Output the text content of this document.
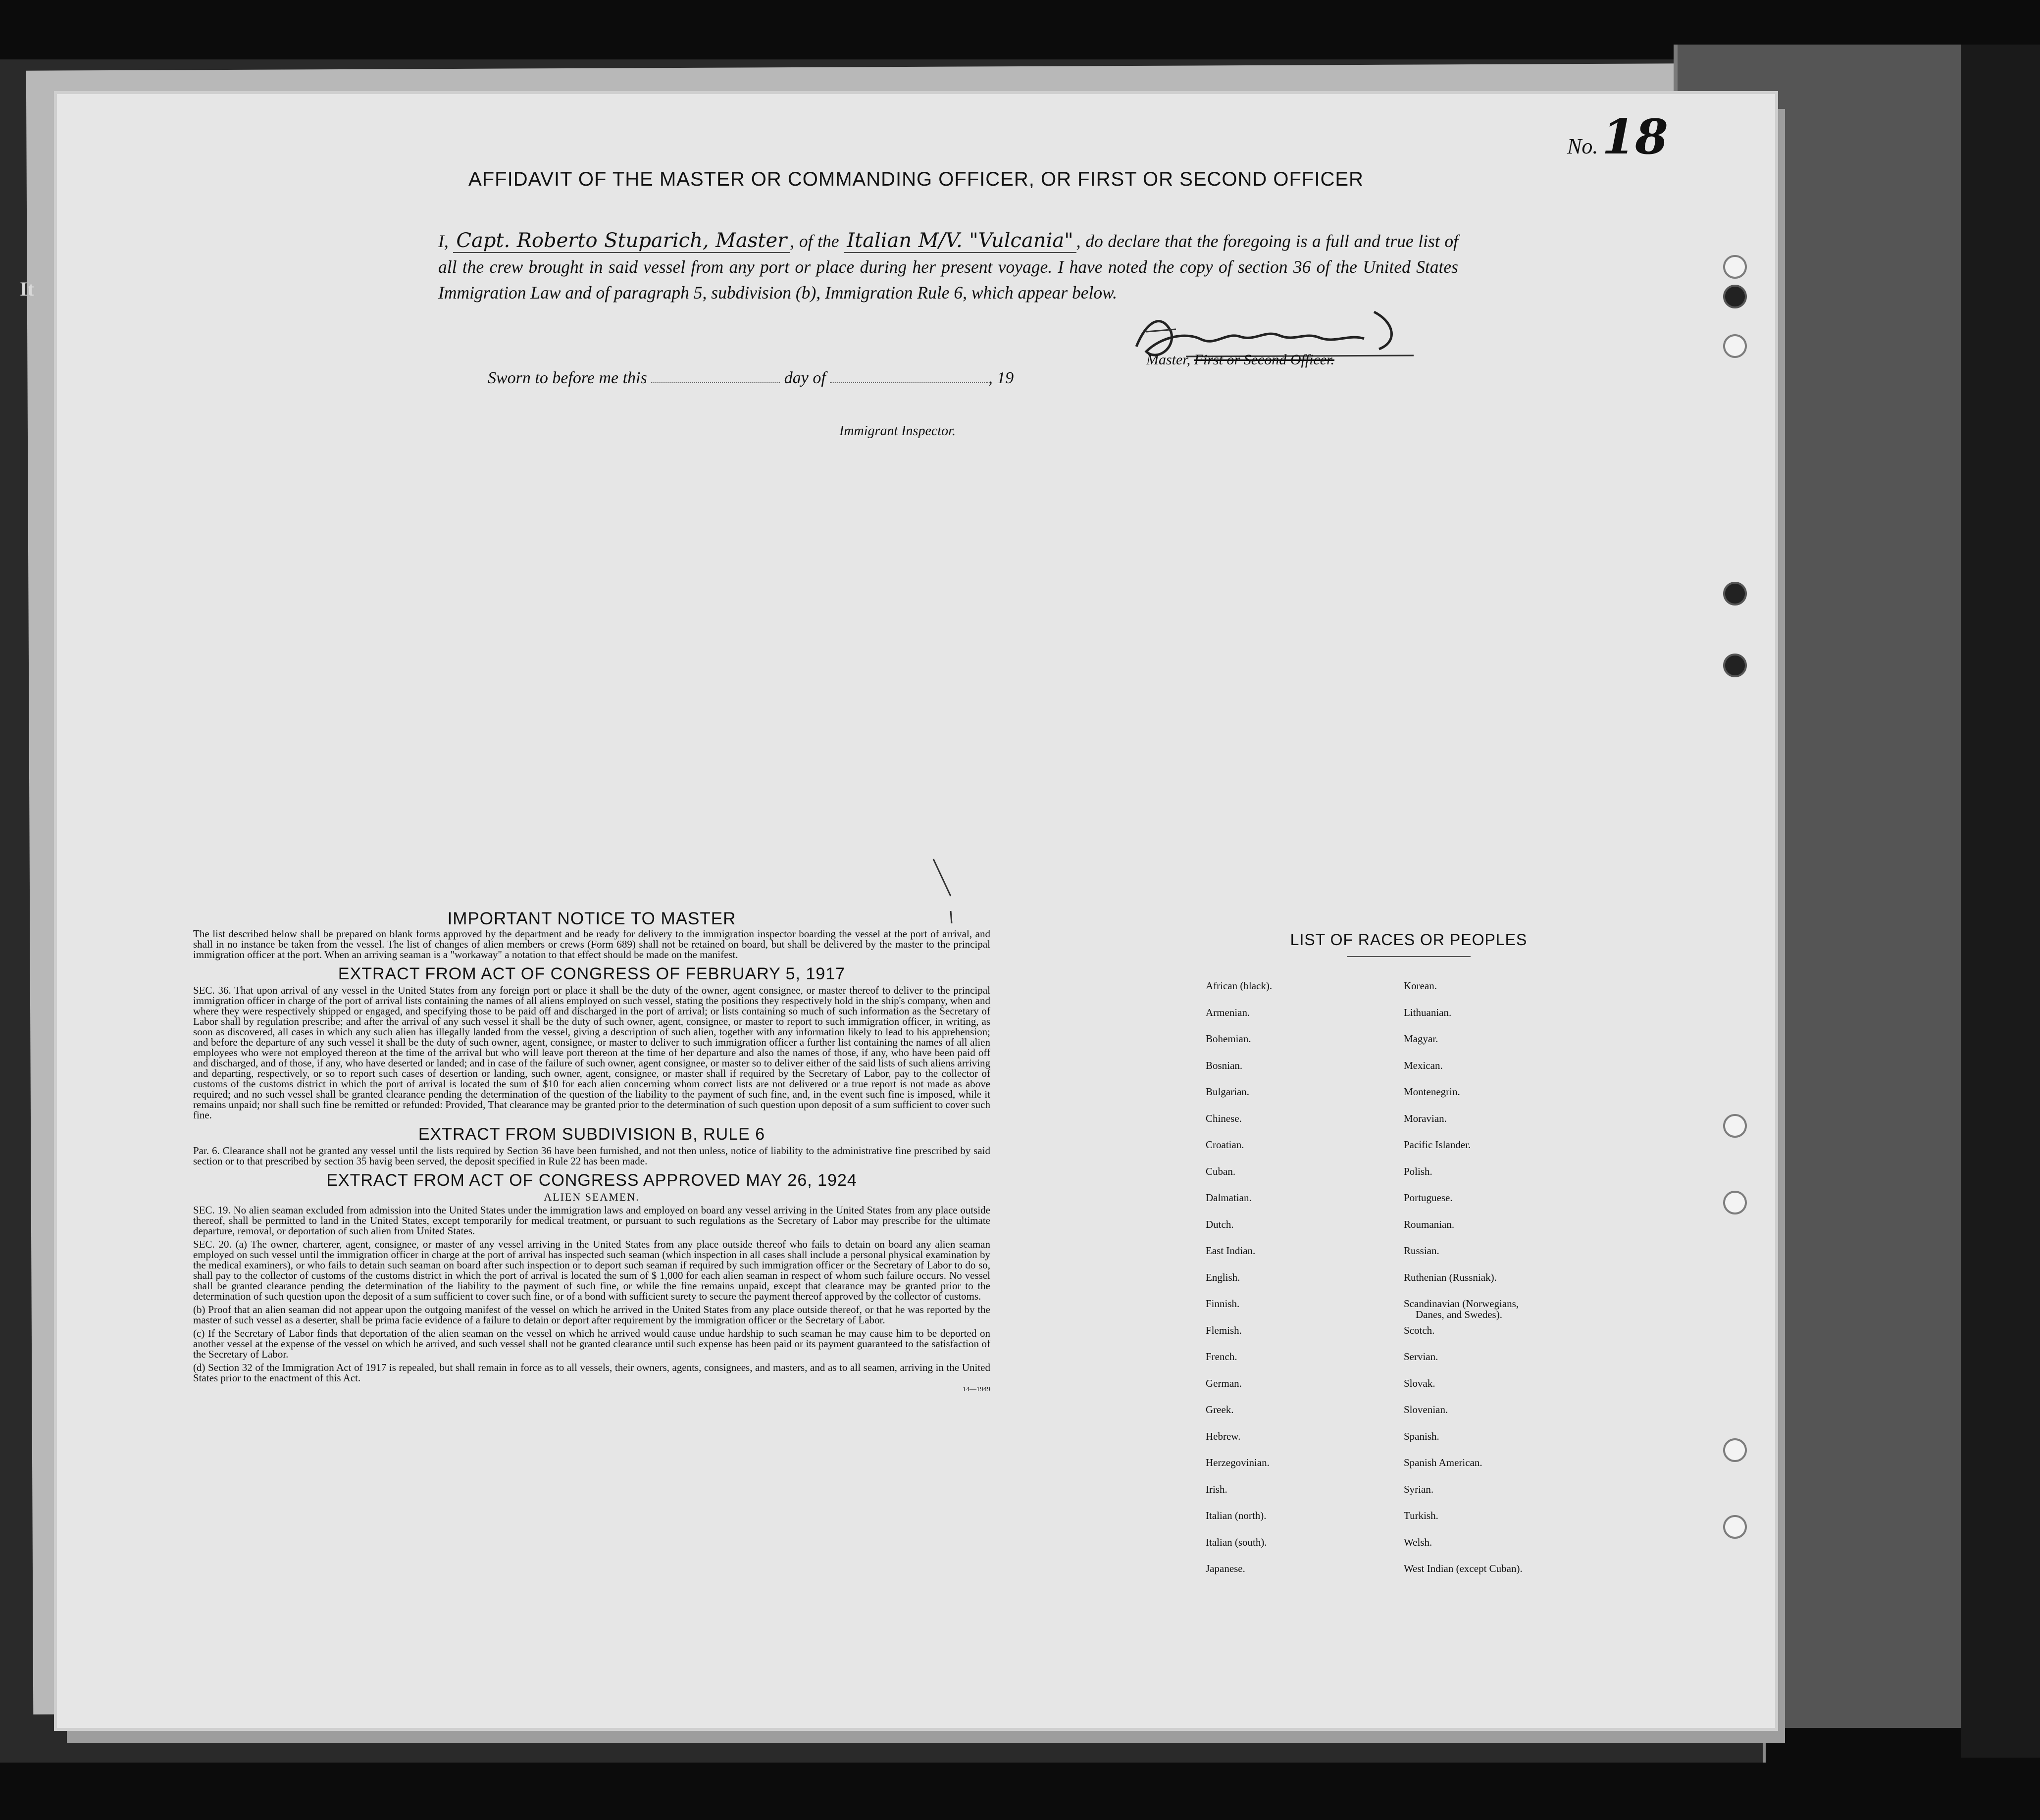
It
No.18
AFFIDAVIT OF THE MASTER OR COMMANDING OFFICER, OR FIRST OR SECOND OFFICER
I, Capt. Roberto Stuparich, Master , of the Italian M/V. "Vulcania" , do declare that the foregoing is a full and true list of all the crew brought in said vessel from any port or place during her present voyage. I have noted the copy of section 36 of the United States Immigration Law and of paragraph 5, subdivision (b), Immigration Rule 6, which appear below.
Master, First or Second Officer.
Sworn to before me this	day of	, 19
Immigrant Inspector.
IMPORTANT NOTICE TO MASTER

The list described below shall be prepared on blank forms approved by the department and be ready for delivery to the immigration inspector boarding the vessel at the port of arrival, and shall in no instance be taken from the vessel. The list of changes of alien members or crews (Form 689) shall not be retained on board, but shall be delivered by the master to the principal immigration officer at the port. When an arriving seaman is a "workaway" a notation to that effect should be made on the manifest.

EXTRACT FROM ACT OF CONGRESS OF FEBRUARY 5, 1917

SEC. 36. That upon arrival of any vessel in the United States from any foreign port or place it shall be the duty of the owner, agent consignee, or master thereof to deliver to the principal immigration officer in charge of the port of arrival lists containing the names of all aliens employed on such vessel, stating the positions they respectively hold in the ship's company, when and where they were respectively shipped or engaged, and specifying those to be paid off and discharged in the port of arrival; or lists containing so much of such information as the Secretary of Labor shall by regulation prescribe; and after the arrival of any such vessel it shall be the duty of such owner, agent, consignee, or master to report to such immigration officer, in writing, as soon as discovered, all cases in which any such alien has illegally landed from the vessel, giving a description of such alien, together with any information likely to lead to his apprehension; and before the departure of any such vessel it shall be the duty of such owner, agent, consignee, or master to deliver to such immigration officer a further list containing the names of all alien employees who were not employed thereon at the time of the arrival but who will leave port thereon at the time of her departure and also the names of those, if any, who have been paid off and discharged, and of those, if any, who have deserted or landed; and in case of the failure of such owner, agent consignee, or master so to deliver either of the said lists of such aliens arriving and departing, respectively, or so to report such cases of desertion or landing, such owner, agent, consignee, or master shall if required by the Secretary of Labor, pay to the collector of customs of the customs district in which the port of arrival is located the sum of $10 for each alien concerning whom correct lists are not delivered or a true report is not made as above required; and no such vessel shall be granted clearance pending the determination of the question of the liability to the payment of such fine, and, in the event such fine is imposed, while it remains unpaid; nor shall such fine be remitted or refunded: Provided, That clearance may be granted prior to the determination of such question upon deposit of a sum sufficient to cover such fine.

EXTRACT FROM SUBDIVISION B, RULE 6

Par. 6. Clearance shall not be granted any vessel until the lists required by Section 36 have been furnished, and not then unless, notice of liability to the administrative fine prescribed by said section or to that prescribed by section 35 havig been served, the deposit specified in Rule 22 has been made.

EXTRACT FROM ACT OF CONGRESS APPROVED MAY 26, 1924
ALIEN SEAMEN.

SEC. 19. No alien seaman excluded from admission into the United States under the immigration laws and employed on board any vessel arriving in the United States from any place outside thereof, shall be permitted to land in the United States, except temporarily for medical treatment, or pursuant to such regulations as the Secretary of Labor may prescribe for the ultimate departure, removal, or deportation of such alien from United States.

SEC. 20. (a) The owner, charterer, agent, consignee, or master of any vessel arriving in the United States from any place outside thereof who fails to detain on board any alien seaman employed on such vessel until the immigration officer in charge at the port of arrival has inspected such seaman (which inspection in all cases shall include a personal physical examination by the medical examiners), or who fails to detain such seaman on board after such inspection or to deport such seaman if required by such immigration officer or the Secretary of Labor to do so, shall pay to the collector of customs of the customs district in which the port of arrival is located the sum of $ 1,000 for each alien seaman in respect of whom such failure occurs. No vessel shall be granted clearance pending the determination of the liability to the payment of such fine, or while the fine remains unpaid, except that clearance may be granted prior to the determination of such question upon the deposit of a sum sufficient to cover such fine, or of a bond with sufficient surety to secure the payment thereof approved by the collector of customs.

(b) Proof that an alien seaman did not appear upon the outgoing manifest of the vessel on which he arrived in the United States from any place outside thereof, or that he was reported by the master of such vessel as a deserter, shall be prima facie evidence of a failure to detain or deport after requirement by the immigration officer or the Secretary of Labor.

(c) If the Secretary of Labor finds that deportation of the alien seaman on the vessel on which he arrived would cause undue hardship to such seaman he may cause him to be deported on another vessel at the expense of the vessel on which he arrived, and such vessel shall not be granted clearance until such expense has been paid or its payment guaranteed to the satisfaction of the Secretary of Labor.

(d) Section 32 of the Immigration Act of 1917 is repealed, but shall remain in force as to all vessels, their owners, agents, consignees, and masters, and as to all seamen, arriving in the United States prior to the enactment of this Act.

14—1949
LIST OF RACES OR PEOPLES
African (black).
Armenian.
Bohemian.
Bosnian.
Bulgarian.
Chinese.
Croatian.
Cuban.
Dalmatian.
Dutch.
East Indian.
English.
Finnish.
Flemish.
French.
German.
Greek.
Hebrew.
Herzegovinian.
Irish.
Italian (north).
Italian (south).
Japanese.
Korean.
Lithuanian.
Magyar.
Mexican.
Montenegrin.
Moravian.
Pacific Islander.
Polish.
Portuguese.
Roumanian.
Russian.
Ruthenian (Russniak).
Scandinavian (Norwegians,
Danes, and Swedes).
Scotch.
Servian.
Slovak.
Slovenian.
Spanish.
Spanish American.
Syrian.
Turkish.
Welsh.
West Indian (except Cuban).
